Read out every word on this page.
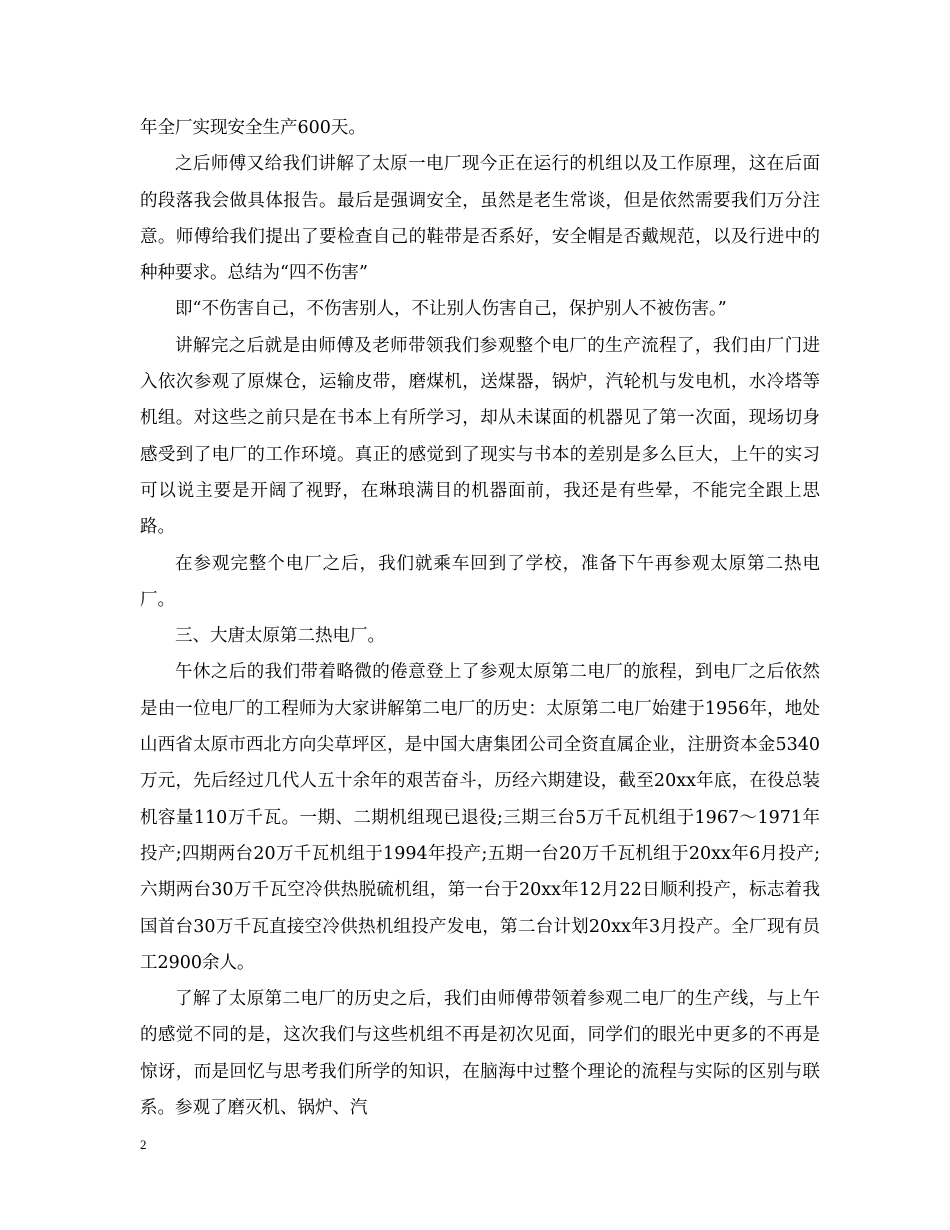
年全厂实现安全生产600天。

之后师傅又给我们讲解了太原一电厂现今正在运行的机组以及工作原理，这在后面的段落我会做具体报告。最后是强调安全，虽然是老生常谈，但是依然需要我们万分注意。师傅给我们提出了要检查自己的鞋带是否系好，安全帽是否戴规范，以及行进中的种种要求。总结为“四不伤害”

即“不伤害自己，不伤害别人，不让别人伤害自己，保护别人不被伤害。”

讲解完之后就是由师傅及老师带领我们参观整个电厂的生产流程了，我们由厂门进入依次参观了原煤仓，运输皮带，磨煤机，送煤器，锅炉，汽轮机与发电机，水冷塔等机组。对这些之前只是在书本上有所学习，却从未谋面的机器见了第一次面，现场切身感受到了电厂的工作环境。真正的感觉到了现实与书本的差别是多么巨大，上午的实习可以说主要是开阔了视野，在琳琅满目的机器面前，我还是有些晕，不能完全跟上思路。

在参观完整个电厂之后，我们就乘车回到了学校，准备下午再参观太原第二热电厂。

三、大唐太原第二热电厂。

午休之后的我们带着略微的倦意登上了参观太原第二电厂的旅程，到电厂之后依然是由一位电厂的工程师为大家讲解第二电厂的历史：太原第二电厂始建于1956年，地处山西省太原市西北方向尖草坪区，是中国大唐集团公司全资直属企业，注册资本金5340万元，先后经过几代人五十余年的艰苦奋斗，历经六期建设，截至20xx年底，在役总装机容量110万千瓦。一期、二期机组现已退役;三期三台5万千瓦机组于1967～1971年投产;四期两台20万千瓦机组于1994年投产;五期一台20万千瓦机组于20xx年6月投产;六期两台30万千瓦空冷供热脱硫机组，第一台于20xx年12月22日顺利投产，标志着我国首台30万千瓦直接空冷供热机组投产发电，第二台计划20xx年3月投产。全厂现有员工2900余人。

了解了太原第二电厂的历史之后，我们由师傅带领着参观二电厂的生产线，与上午的感觉不同的是，这次我们与这些机组不再是初次见面，同学们的眼光中更多的不再是惊讶，而是回忆与思考我们所学的知识，在脑海中过整个理论的流程与实际的区别与联系。参观了磨灭机、锅炉、汽

2
